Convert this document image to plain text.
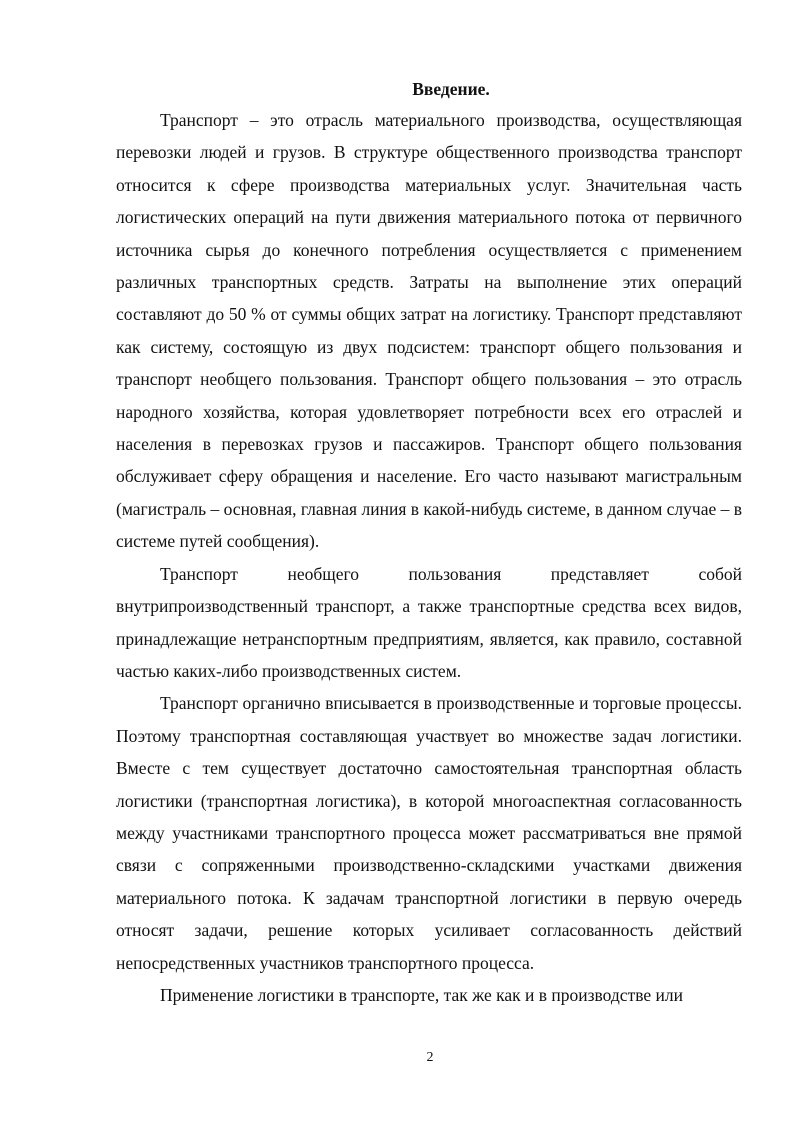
Введение.

Транспорт – это отрасль материального производства, осуществляющая перевозки людей и грузов. В структуре общественного производства транспорт относится к сфере производства материальных услуг. Значительная часть логистических операций на пути движения материального потока от первичного источника сырья до конечного потребления осуществляется с применением различных транспортных средств. Затраты на выполнение этих операций составляют до 50 % от суммы общих затрат на логистику. Транспорт представляют как систему, состоящую из двух подсистем: транспорт общего пользования и транспорт необщего пользования. Транспорт общего пользования – это отрасль народного хозяйства, которая удовлетворяет потребности всех его отраслей и населения в перевозках грузов и пассажиров. Транспорт общего пользования обслуживает сферу обращения и население. Его часто называют магистральным (магистраль – основная, главная линия в какой-нибудь системе, в данном случае – в системе путей сообщения).

Транспорт необщего пользования представляет собой внутрипроизводственный транспорт, а также транспортные средства всех видов, принадлежащие нетранспортным предприятиям, является, как правило, составной частью каких-либо производственных систем.

Транспорт органично вписывается в производственные и торговые процессы. Поэтому транспортная составляющая участвует во множестве задач логистики. Вместе с тем существует достаточно самостоятельная транспортная область логистики (транспортная логистика), в которой многоаспектная согласованность между участниками транспортного процесса может рассматриваться вне прямой связи с сопряженными производственно-складскими участками движения материального потока. К задачам транспортной логистики в первую очередь относят задачи, решение которых усиливает согласованность действий непосредственных участников транспортного процесса.

Применение логистики в транспорте, так же как и в производстве или

2
